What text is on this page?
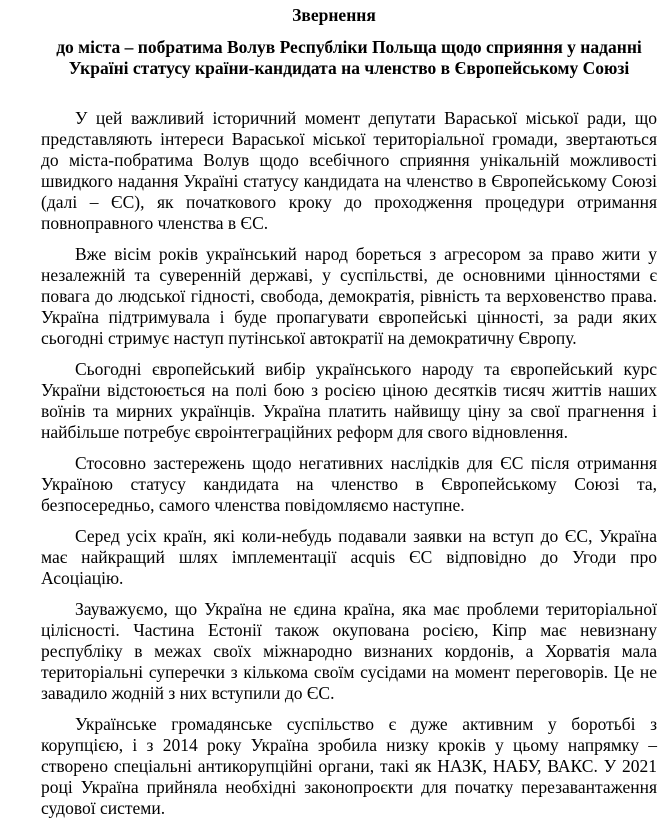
Звернення
до міста – побратима Волув Республіки Польща щодо сприяння у наданні
Україні статусу країни-кандидата на членство в Європейському Союзі

У цей важливий історичний момент депутати Вараської міської ради, що представляють інтереси Вараської міської територіальної громади, звертаються до міста-побратима Волув щодо всебічного сприяння унікальній можливості швидкого надання Україні статусу кандидата на членство в Європейському Союзі (далі – ЄС), як початкового кроку до проходження процедури отримання повноправного членства в ЄС.

Вже вісім років український народ бореться з агресором за право жити у незалежній та суверенній державі, у суспільстві, де основними цінностями є повага до людської гідності, свобода, демократія, рівність та верховенство права. Україна підтримувала і буде пропагувати європейські цінності, за ради яких сьогодні стримує наступ путінської автократії на демократичну Європу.

Сьогодні європейський вибір українського народу та європейський курс України відстоюється на полі бою з росією ціною десятків тисяч життів наших воїнів та мирних українців. Україна платить найвищу ціну за свої прагнення і найбільше потребує євроінтеграційних реформ для свого відновлення.

Стосовно застережень щодо негативних наслідків для ЄС після отримання Україною статусу кандидата на членство в Європейському Союзі та, безпосередньо, самого членства повідомляємо наступне.

Серед усіх країн, які коли-небудь подавали заявки на вступ до ЄС, Україна має найкращий шлях імплементації acquis ЄС відповідно до Угоди про Асоціацію.

Зауважуємо, що Україна не єдина країна, яка має проблеми територіальної цілісності. Частина Естонії також окупована росією, Кіпр має невизнану республіку в межах своїх міжнародно визнаних кордонів, а Хорватія мала територіальні суперечки з кількома своїм сусідами на момент переговорів. Це не завадило жодній з них вступили до ЄС.

Українське громадянське суспільство є дуже активним у боротьбі з корупцією, і з 2014 року Україна зробила низку кроків у цьому напрямку – створено спеціальні антикорупційні органи, такі як НАЗК, НАБУ, ВАКС. У 2021 році Україна прийняла необхідні законопроєкти для початку перезавантаження судової системи.
